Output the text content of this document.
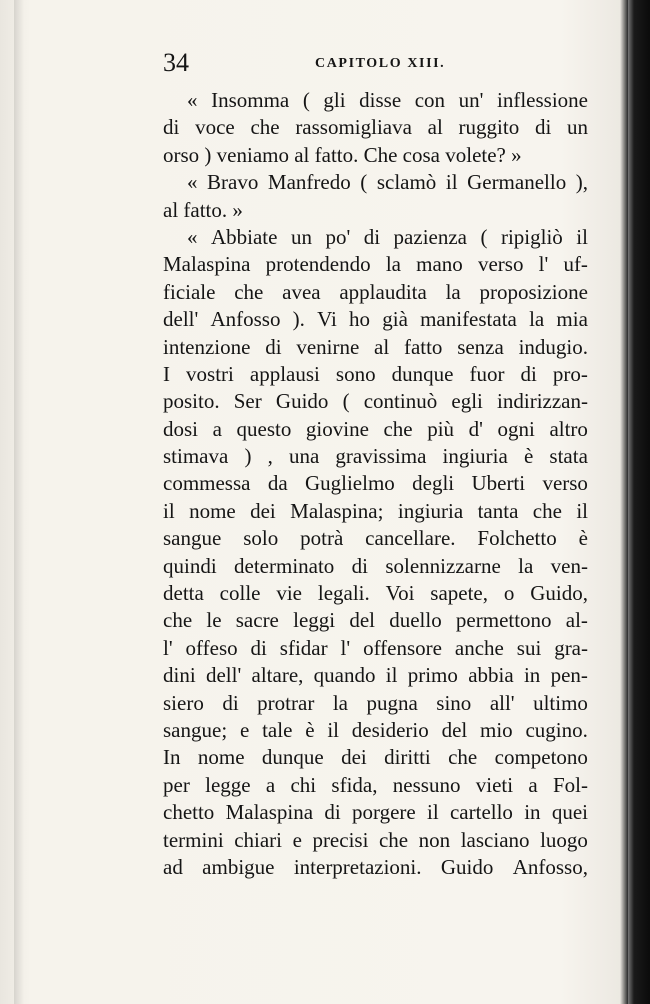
34	CAPITOLO XIII.
« Insomma ( gli disse con un' inflessione
di voce che rassomigliava al ruggito di un
orso ) veniamo al fatto. Che cosa volete? »
« Bravo Manfredo ( sclamò il Germanello ),
al fatto. »
« Abbiate un po' di pazienza ( ripigliò il
Malaspina protendendo la mano verso l' uf-
ficiale che avea applaudita la proposizione
dell' Anfosso ). Vi ho già manifestata la mia
intenzione di venirne al fatto senza indugio.
I vostri applausi sono dunque fuor di pro-
posito. Ser Guido ( continuò egli indirizzan-
dosi a questo giovine che più d' ogni altro
stimava ) , una gravissima ingiuria è stata
commessa da Guglielmo degli Uberti verso
il nome dei Malaspina; ingiuria tanta che il
sangue solo potrà cancellare. Folchetto è
quindi determinato di solennizzarne la ven-
detta colle vie legali. Voi sapete, o Guido,
che le sacre leggi del duello permettono al-
l' offeso di sfidar l' offensore anche sui gra-
dini dell' altare, quando il primo abbia in pen-
siero di protrar la pugna sino all' ultimo
sangue; e tale è il desiderio del mio cugino.
In nome dunque dei diritti che competono
per legge a chi sfida, nessuno vieti a Fol-
chetto Malaspina di porgere il cartello in quei
termini chiari e precisi che non lasciano luogo
ad ambigue interpretazioni. Guido Anfosso,
